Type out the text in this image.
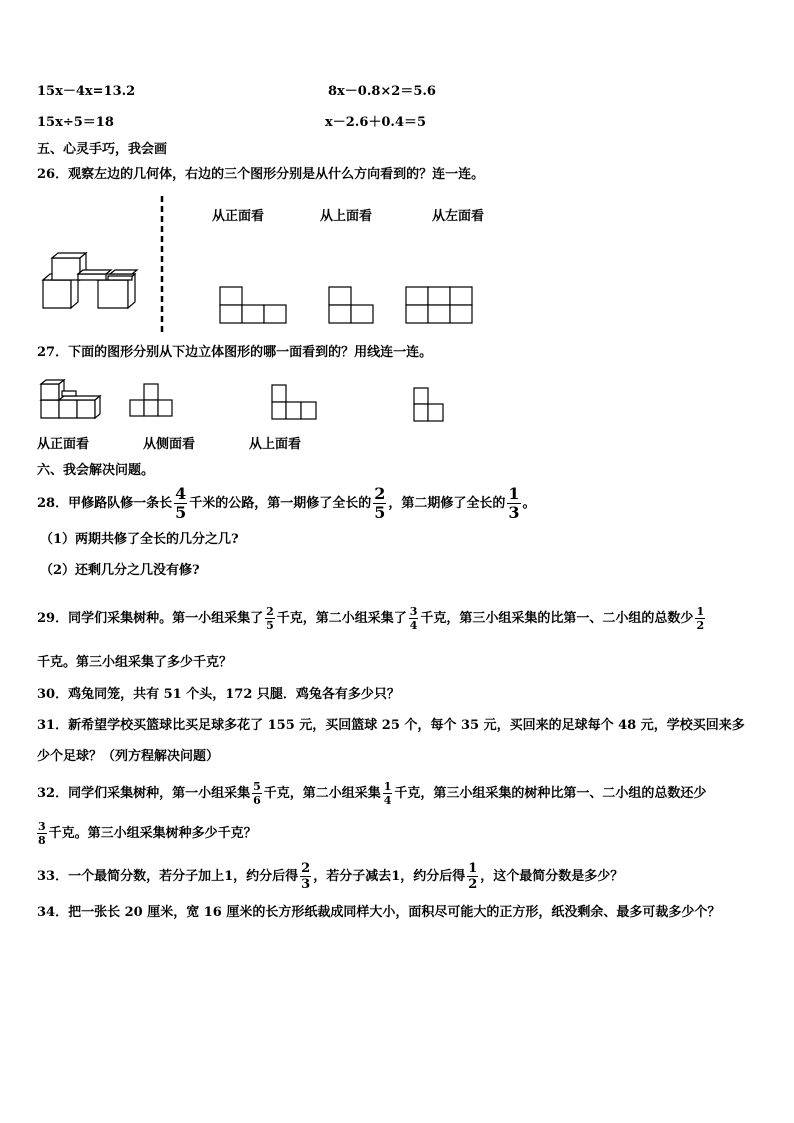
15x－4x=13.2	8x－0.8×2＝5.6
15x÷5＝18	x－2.6＋0.4＝5
五、心灵手巧，我会画
26．观察左边的几何体，右边的三个图形分别是从什么方向看到的？连一连。
从正面看	从上面看	从左面看
27．下面的图形分别从下边立体图形的哪一面看到的？用线连一连。
从正面看	从侧面看	从上面看
六、我会解决问题。
28．甲修路队修一条长 $\frac{4}{5}$ 千米的公路，第一期修了全长的 $\frac{2}{5}$ ，第二期修了全长的 $\frac{1}{3}$ 。
（1）两期共修了全长的几分之几?
（2）还剩几分之几没有修?
29．同学们采集树种。第一小组采集了 $\frac{2}{5}$ 千克，第二小组采集了 $\frac{3}{4}$ 千克，第三小组采集的比第一、二小组的总数少 $\frac{1}{2}$
千克。第三小组采集了多少千克？
30．鸡兔同笼，共有 51 个头，172 只腿．鸡兔各有多少只？
31．新希望学校买篮球比买足球多花了 155 元，买回篮球 25 个，每个 35 元，买回来的足球每个 48 元，学校买回来多
少个足球？（列方程解决问题）
32．同学们采集树种，第一小组采集 $\frac{5}{6}$ 千克，第二小组采集 $\frac{1}{4}$ 千克，第三小组采集的树种比第一、二小组的总数还少
$\frac{3}{8}$ 千克。第三小组采集树种多少千克？
33．一个最简分数，若分子加上1，约分后得 $\frac{2}{3}$ ，若分子减去1，约分后得 $\frac{1}{2}$ ，这个最简分数是多少？
34．把一张长 20 厘米，宽 16 厘米的长方形纸裁成同样大小，面积尽可能大的正方形，纸没剩余、最多可裁多少个？
